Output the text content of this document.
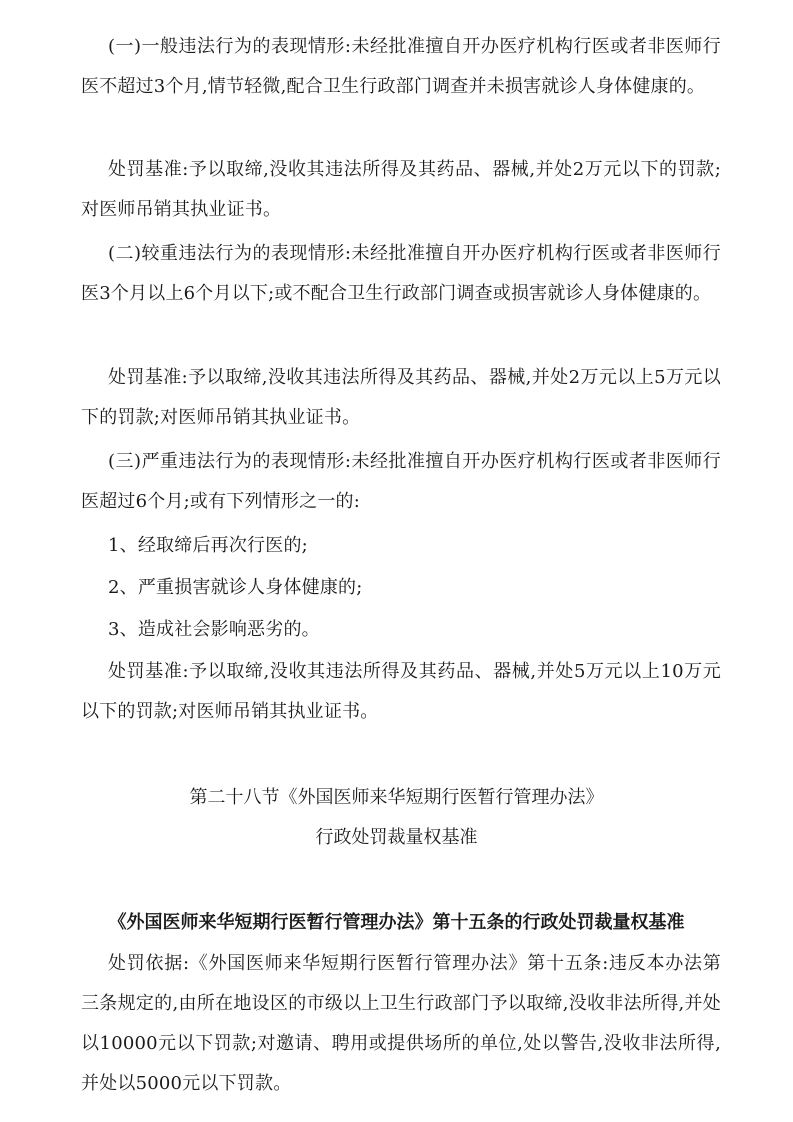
(一)一般违法行为的表现情形:未经批准擅自开办医疗机构行医或者非医师行医不超过3个月,情节轻微,配合卫生行政部门调查并未损害就诊人身体健康的。

处罚基准:予以取缔,没收其违法所得及其药品、器械,并处2万元以下的罚款;对医师吊销其执业证书。

(二)较重违法行为的表现情形:未经批准擅自开办医疗机构行医或者非医师行医3个月以上6个月以下;或不配合卫生行政部门调查或损害就诊人身体健康的。

处罚基准:予以取缔,没收其违法所得及其药品、器械,并处2万元以上5万元以下的罚款;对医师吊销其执业证书。

(三)严重违法行为的表现情形:未经批准擅自开办医疗机构行医或者非医师行医超过6个月;或有下列情形之一的:

1、经取缔后再次行医的;

2、严重损害就诊人身体健康的;

3、造成社会影响恶劣的。

处罚基准:予以取缔,没收其违法所得及其药品、器械,并处5万元以上10万元以下的罚款;对医师吊销其执业证书。

第二十八节《外国医师来华短期行医暂行管理办法》

行政处罚裁量权基准

《外国医师来华短期行医暂行管理办法》第十五条的行政处罚裁量权基准

处罚依据:《外国医师来华短期行医暂行管理办法》第十五条:违反本办法第三条规定的,由所在地设区的市级以上卫生行政部门予以取缔,没收非法所得,并处以10000元以下罚款;对邀请、聘用或提供场所的单位,处以警告,没收非法所得,并处以5000元以下罚款。
